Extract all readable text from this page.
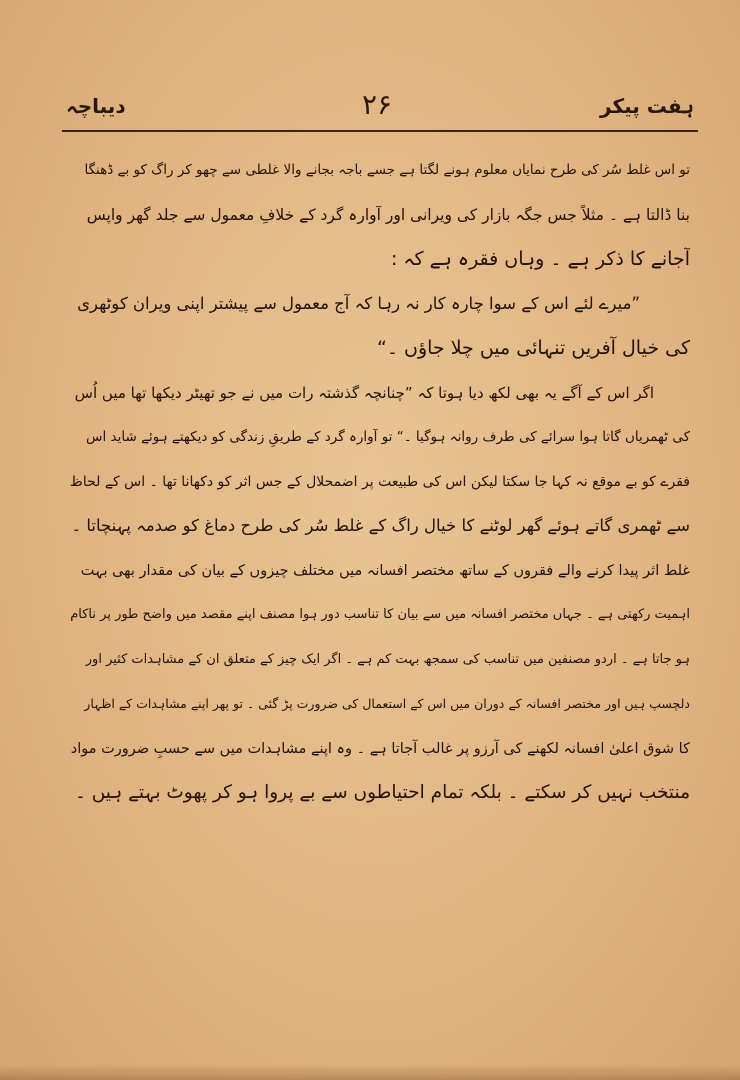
ہفت پیکر
۲۶
دیباچہ
تو اس غلط سُر کی طرح نمایاں معلوم ہونے لگتا ہے جسے باجہ بجانے والا غلطی سے چھو کر راگ کو بے ڈھنگا
بنا ڈالتا ہے ۔ مثلاً جس جگہ بازار کی ویرانی اور آوارہ گرد کے خلافِ معمول سے جلد گھر واپس
آجانے کا ذکر ہے ۔ وہاں فقرہ ہے کہ :
”میرے لئے اس کے سوا چارہ کار نہ رہا کہ آج معمول سے پیشتر اپنی ویران کوٹھری
کی خیال آفریں تنہائی میں چلا جاؤں ۔“
اگر اس کے آگے یہ بھی لکھ دیا ہوتا کہ ”چنانچہ گذشتہ رات میں نے جو تھیٹر دیکھا تھا میں اُس
کی ٹھمریاں گاتا ہوا سرائے کی طرف روانہ ہوگیا ۔“ تو آوارہ گرد کے طریقِ زندگی کو دیکھتے ہوئے شاید اس
فقرے کو بے موقع نہ کہا جا سکتا لیکن اس کی طبیعت پر اضمحلال کے جس اثر کو دکھانا تھا ۔ اس کے لحاظ
سے ٹھمری گاتے ہوئے گھر لوٹنے کا خیال راگ کے غلط سُر کی طرح دماغ کو صدمہ پہنچاتا ۔
غلط اثر پیدا کرنے والے فقروں کے ساتھ مختصر افسانہ میں مختلف چیزوں کے بیان کی مقدار بھی بہت
اہمیت رکھتی ہے ۔ جہاں مختصر افسانہ میں سے بیان کا تناسب دور ہوا مصنف اپنے مقصد میں واضح طور پر ناکام
ہو جاتا ہے ۔ اردو مصنفین میں تناسب کی سمجھ بہت کم ہے ۔ اگر ایک چیز کے متعلق ان کے مشاہدات کثیر اور
دلچسپ ہیں اور مختصر افسانہ کے دوران میں اس کے استعمال کی ضرورت پڑ گئی ۔ تو پھر اپنے مشاہدات کے اظہار
کا شوق اعلیٰ افسانہ لکھنے کی آرزو پر غالب آجاتا ہے ۔ وہ اپنے مشاہدات میں سے حسبِ ضرورت مواد
منتخب نہیں کر سکتے ۔ بلکہ تمام احتیاطوں سے بے پروا ہو کر پھوٹ بہتے ہیں ۔
